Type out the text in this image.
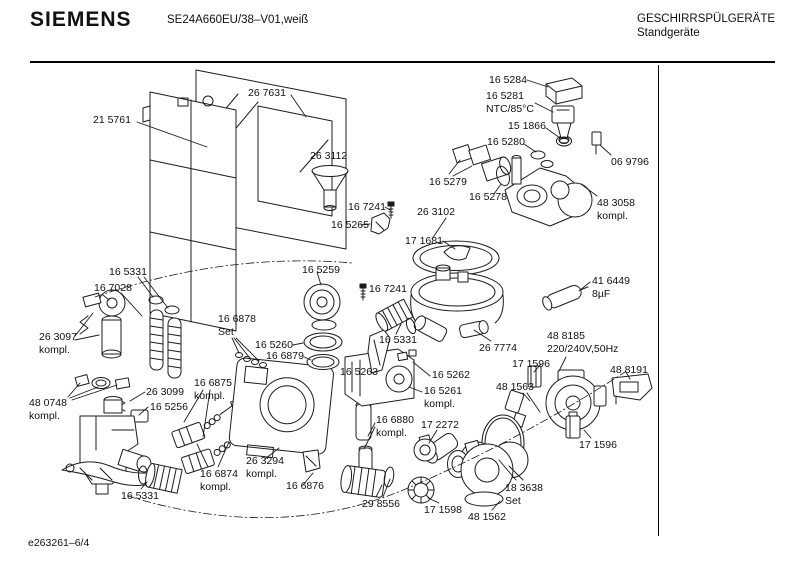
SIEMENS	SE24A660EU/38–V01,weiß	GESCHIRRSPÜLGERÄTE
Standgeräte
26 7631
21 5761
26 3112
16 5284
16 5281
NTC/85°C
15 1866
16 5280
06 9796
16 5279
16 5278	48 3058
kompl.
16 7241	26 3102
16 5265
17 1681
16 5331
16 7028
16 5259
16 7241
41 6449
8µF
16 6878
Set
26 3097
kompl.	16 5260
16 6879
16 5331
16 5263
26 7774
48 8185
220/240V,50Hz
17 1596	48 8191
48 1563
16 6875
kompl.
26 3099
16 5256
48 0748
kompl.
16 5262
16 5261
kompl.
16 6880
kompl.
17 2272
26 3294
kompl.
16 6874
kompl.
16 5331
16 6876
29 8556 17 1598
48 1562
18 3638
Set
17 1596
e263261–6/4
